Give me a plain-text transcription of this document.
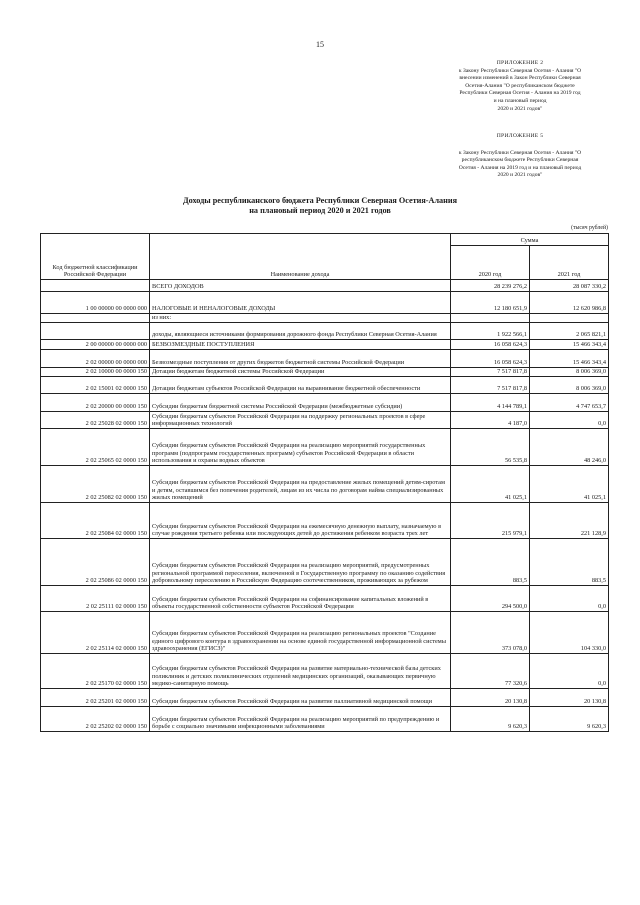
15
ПРИЛОЖЕНИЕ 2
к Закону Республики Северная Осетия - Алания "О
внесении изменений в Закон Республики Северная
Осетия-Алания "О республиканском бюджете
Республики Северная Осетия - Алания на 2019 год
и на плановый период
2020 и 2021 годов"
ПРИЛОЖЕНИЕ 5
к Закону Республики Северная Осетия - Алания "О
республиканском бюджете Республики Северная
Осетия - Алания на 2019 год и на плановый период
2020 и 2021 годов"
Доходы республиканского бюджета Республики Северная Осетия-Алания
на плановый период 2020 и 2021 годов
(тысяч рублей)
Код бюджетной классификации Российской Федерации	Наименование дохода	Сумма	
		2020 год	2021 год
	ВСЕГО ДОХОДОВ	28 239 276,2	28 087 330,2
1 00 00000 00 0000 000	НАЛОГОВЫЕ И НЕНАЛОГОВЫЕ ДОХОДЫ	12 180 651,9	12 620 986,8
	из них:		
	доходы, являющиеся источниками формирования дорожного фонда Республики Северная Осетия-Алания	1 922 566,1	2 065 821,1
2 00 00000 00 0000 000	БЕЗВОЗМЕЗДНЫЕ ПОСТУПЛЕНИЯ	16 058 624,3	15 466 343,4
2 02 00000 00 0000 000	Безвозмездные поступления от других бюджетов бюджетной системы Российской Федерации	16 058 624,3	15 466 343,4
2 02 10000 00 0000 150	Дотации бюджетам бюджетной системы Российской Федерации	7 517 817,8	8 006 369,0
2 02 15001 02 0000 150	Дотации бюджетам субъектов Российской Федерации на выравнивание бюджетной обеспеченности	7 517 817,8	8 006 369,0
2 02 20000 00 0000 150	Субсидии бюджетам бюджетной системы Российской Федерации (межбюджетные субсидии)	4 144 789,1	4 747 653,7
2 02 25028 02 0000 150	Субсидии бюджетам субъектов Российской Федерации на поддержку региональных проектов в сфере информационных технологий	4 187,0	0,0
2 02 25065 02 0000 150	Субсидии бюджетам субъектов Российской Федерации на реализацию мероприятий государственных программ (подпрограмм государственных программ) субъектов Российской Федерации в области использования и охраны водных объектов	56 535,8	48 246,0
2 02 25082 02 0000 150	Субсидии бюджетам субъектов Российской Федерации на предоставление жилых помещений детям-сиротам и детям, оставшимся без попечения родителей, лицам из их числа по договорам найма специализированных жилых помещений	41 025,1	41 025,1
2 02 25084 02 0000 150	Субсидии бюджетам субъектов Российской Федерации на ежемесячную денежную выплату, назначаемую в случае рождения третьего ребенка или последующих детей до достижения ребенком возраста трех лет	215 979,1	221 128,9
2 02 25086 02 0000 150	Субсидии бюджетам субъектов Российской Федерации на реализацию мероприятий, предусмотренных региональной программой переселения, включенной в Государственную программу по оказанию содействия добровольному переселению в Российскую Федерацию соотечественников, проживающих за рубежом	883,5	883,5
2 02 25111 02 0000 150	Субсидии бюджетам субъектов Российской Федерации на софинансирование капитальных вложений в объекты государственной собственности субъектов Российской Федерации	294 500,0	0,0
2 02 25114 02 0000 150	Субсидии бюджетам субъектов Российской Федерации на реализацию региональных проектов "Создание единого цифрового контура в здравоохранении на основе единой государственной информационной системы здравоохранения (ЕГИСЗ)"	373 078,0	104 330,0
2 02 25170 02 0000 150	Субсидии бюджетам субъектов Российской Федерации на развитие материально-технической базы детских поликлиник и детских поликлинических отделений медицинских организаций, оказывающих первичную медико-санитарную помощь	77 320,6	0,0
2 02 25201 02 0000 150	Субсидии бюджетам субъектов Российской Федерации на развитие паллиативной медицинской помощи	20 130,8	20 130,8
2 02 25202 02 0000 150	Субсидии бюджетам субъектов Российской Федерации на реализацию мероприятий по предупреждению и борьбе с социально значимыми инфекционными заболеваниями	9 620,3	9 620,3
